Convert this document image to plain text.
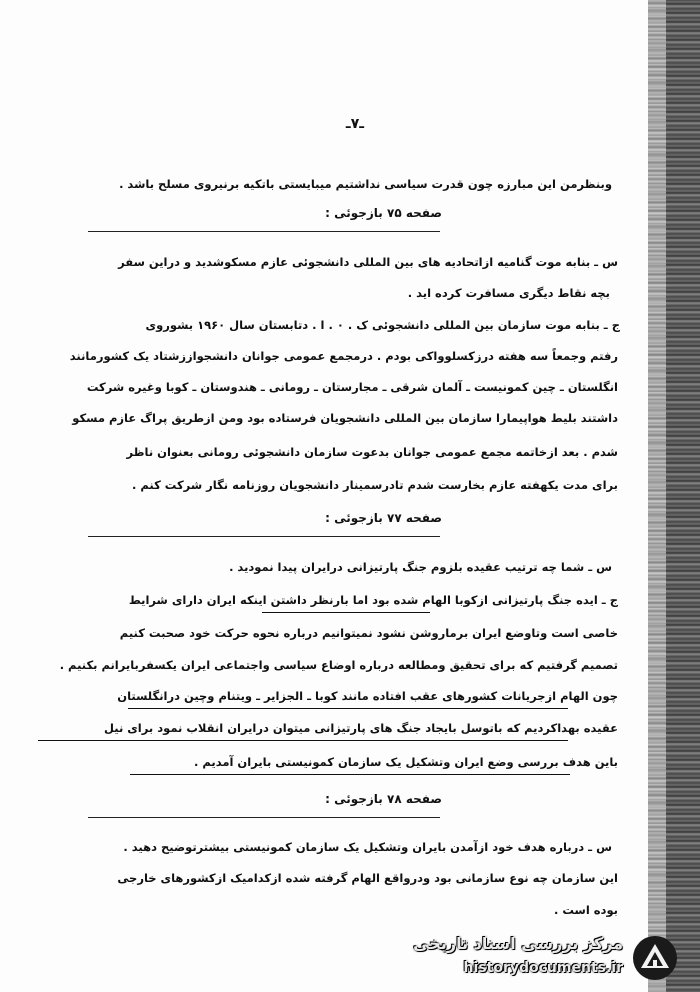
ـ۷ـ
وبنظرمن این مبارزه چون قدرت سیاسی نداشتیم میبایستی باتکیه برنیروی مسلح باشد .
صفحه ۷۵ بازجوئی :
س ـ بنابه موت گنامیه ازاتحادیه های بین المللی دانشجوئی عازم مسکوشدید و دراین سفر
بچه نقاط دیگری مسافرت کرده اید .
ج ـ بنابه موت سازمان بین المللی دانشجوئی ک . ۰ . ا . دتابستان سال ۱۹۶۰ بشوروی
رفتم وجمعاً سه هفته درزکسلوواکی بودم . درمجمع عمومی جوانان دانشجواززشتاد یک کشورمانند
انگلستان ـ چین کمونیست ـ آلمان شرقی ـ مجارستان ـ رومانی ـ هندوستان ـ کوبا وغیره شرکت
داشتند بلیط هواپیمارا سازمان بین المللی دانشجویان فرستاده بود ومن ازطریق پراگ عازم مسکو
شدم . بعد ازخاتمه مجمع عمومی جوانان بدعوت سازمان دانشجوئی رومانی بعنوان ناظر
برای مدت یکهفته عازم بخارست شدم تادرسمینار دانشجویان روزنامه نگار شرکت کنم .
صفحه ۷۷ بازجوئی :
س ـ شما چه ترتیب عقیده بلزوم جنگ پارتیزانی درایران پیدا نمودید .
ج ـ ایده جنگ پارتیزانی ازکوبا الهام شده بود اما بارنظر داشتن اینکه ایران دارای شرایط
خاصی است وتاوضع ایران برماروشن نشود نمیتوانیم درباره نحوه حرکت خود صحبت کنیم
تصمیم گرفتیم که برای تحقیق ومطالعه درباره اوضاع سیاسی واجتماعی ایران یکسفربایرانم بکنیم .
چون الهام ازجریانات کشورهای عقب افتاده مانند کوبا ـ الجزایر ـ ویتنام وچین درانگلستان
عقیده بهداکردیم که باتوسل بایجاد جنگ های پارتیزانی میتوان درایران انقلاب نمود برای نیل
باین هدف بررسی وضع ایران وتشکیل یک سازمان کمونیستی بایران آمدیم .
صفحه ۷۸ بازجوئی :
س ـ درباره هدف خود ازآمدن بایران وتشکیل یک سازمان کمونیستی بیشترتوضیح دهید .
این سازمان چه نوع سازمانی بود ودرواقع الهام گرفته شده ازکدامیک ازکشورهای خارجی
بوده است .
مرکز بررسی اسناد تاریخی
historydocuments.ir
